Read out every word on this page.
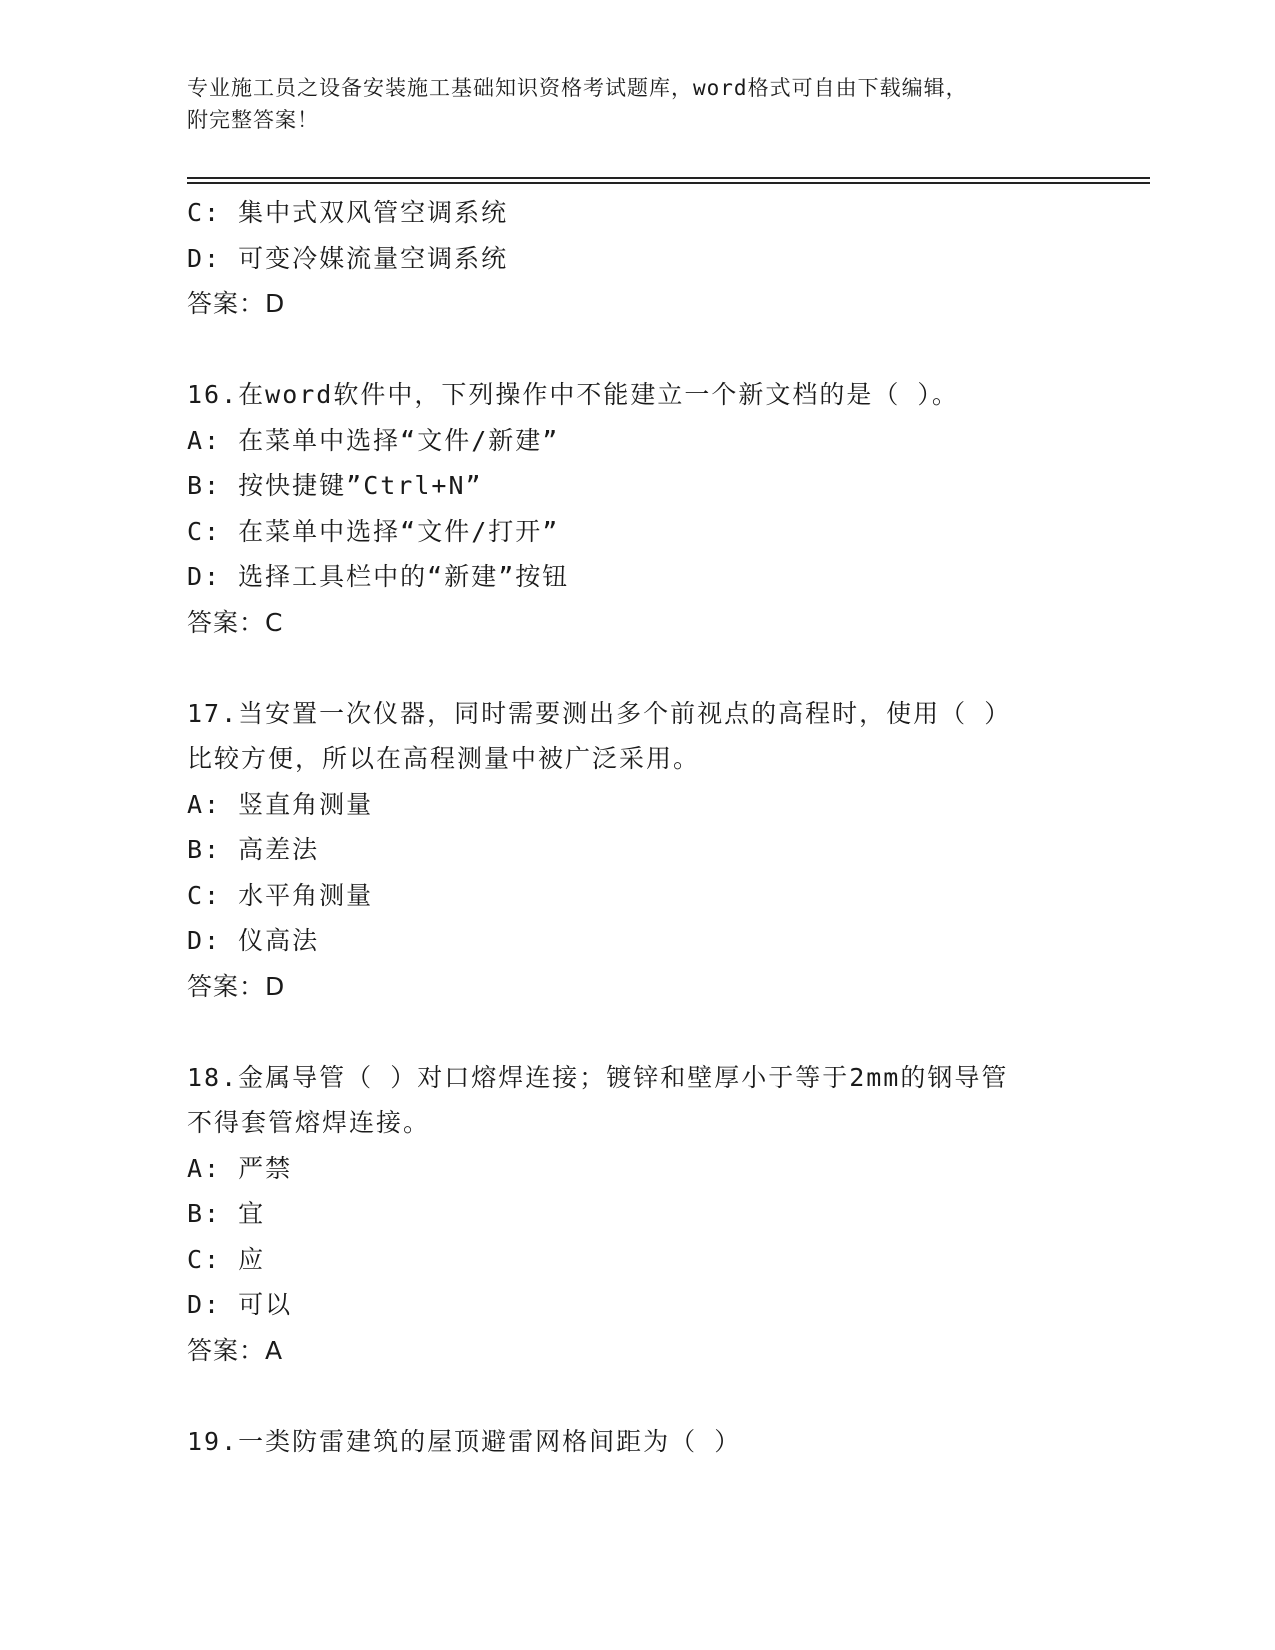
专业施工员之设备安装施工基础知识资格考试题库，word格式可自由下载编辑，
附完整答案！
C: 集中式双风管空调系统
D: 可变冷媒流量空调系统
答案：D
16.在word软件中，下列操作中不能建立一个新文档的是（ ）。
A: 在菜单中选择“文件/新建”
B: 按快捷键”Ctrl+N”
C: 在菜单中选择“文件/打开”
D: 选择工具栏中的“新建”按钮
答案：C
17.当安置一次仪器，同时需要测出多个前视点的高程时，使用（ ）
比较方便，所以在高程测量中被广泛采用。
A: 竖直角测量
B: 高差法
C: 水平角测量
D: 仪高法
答案：D
18.金属导管（ ）对口熔焊连接；镀锌和壁厚小于等于2mm的钢导管
不得套管熔焊连接。
A: 严禁
B: 宜
C: 应
D: 可以
答案：A
19.一类防雷建筑的屋顶避雷网格间距为（ ）
